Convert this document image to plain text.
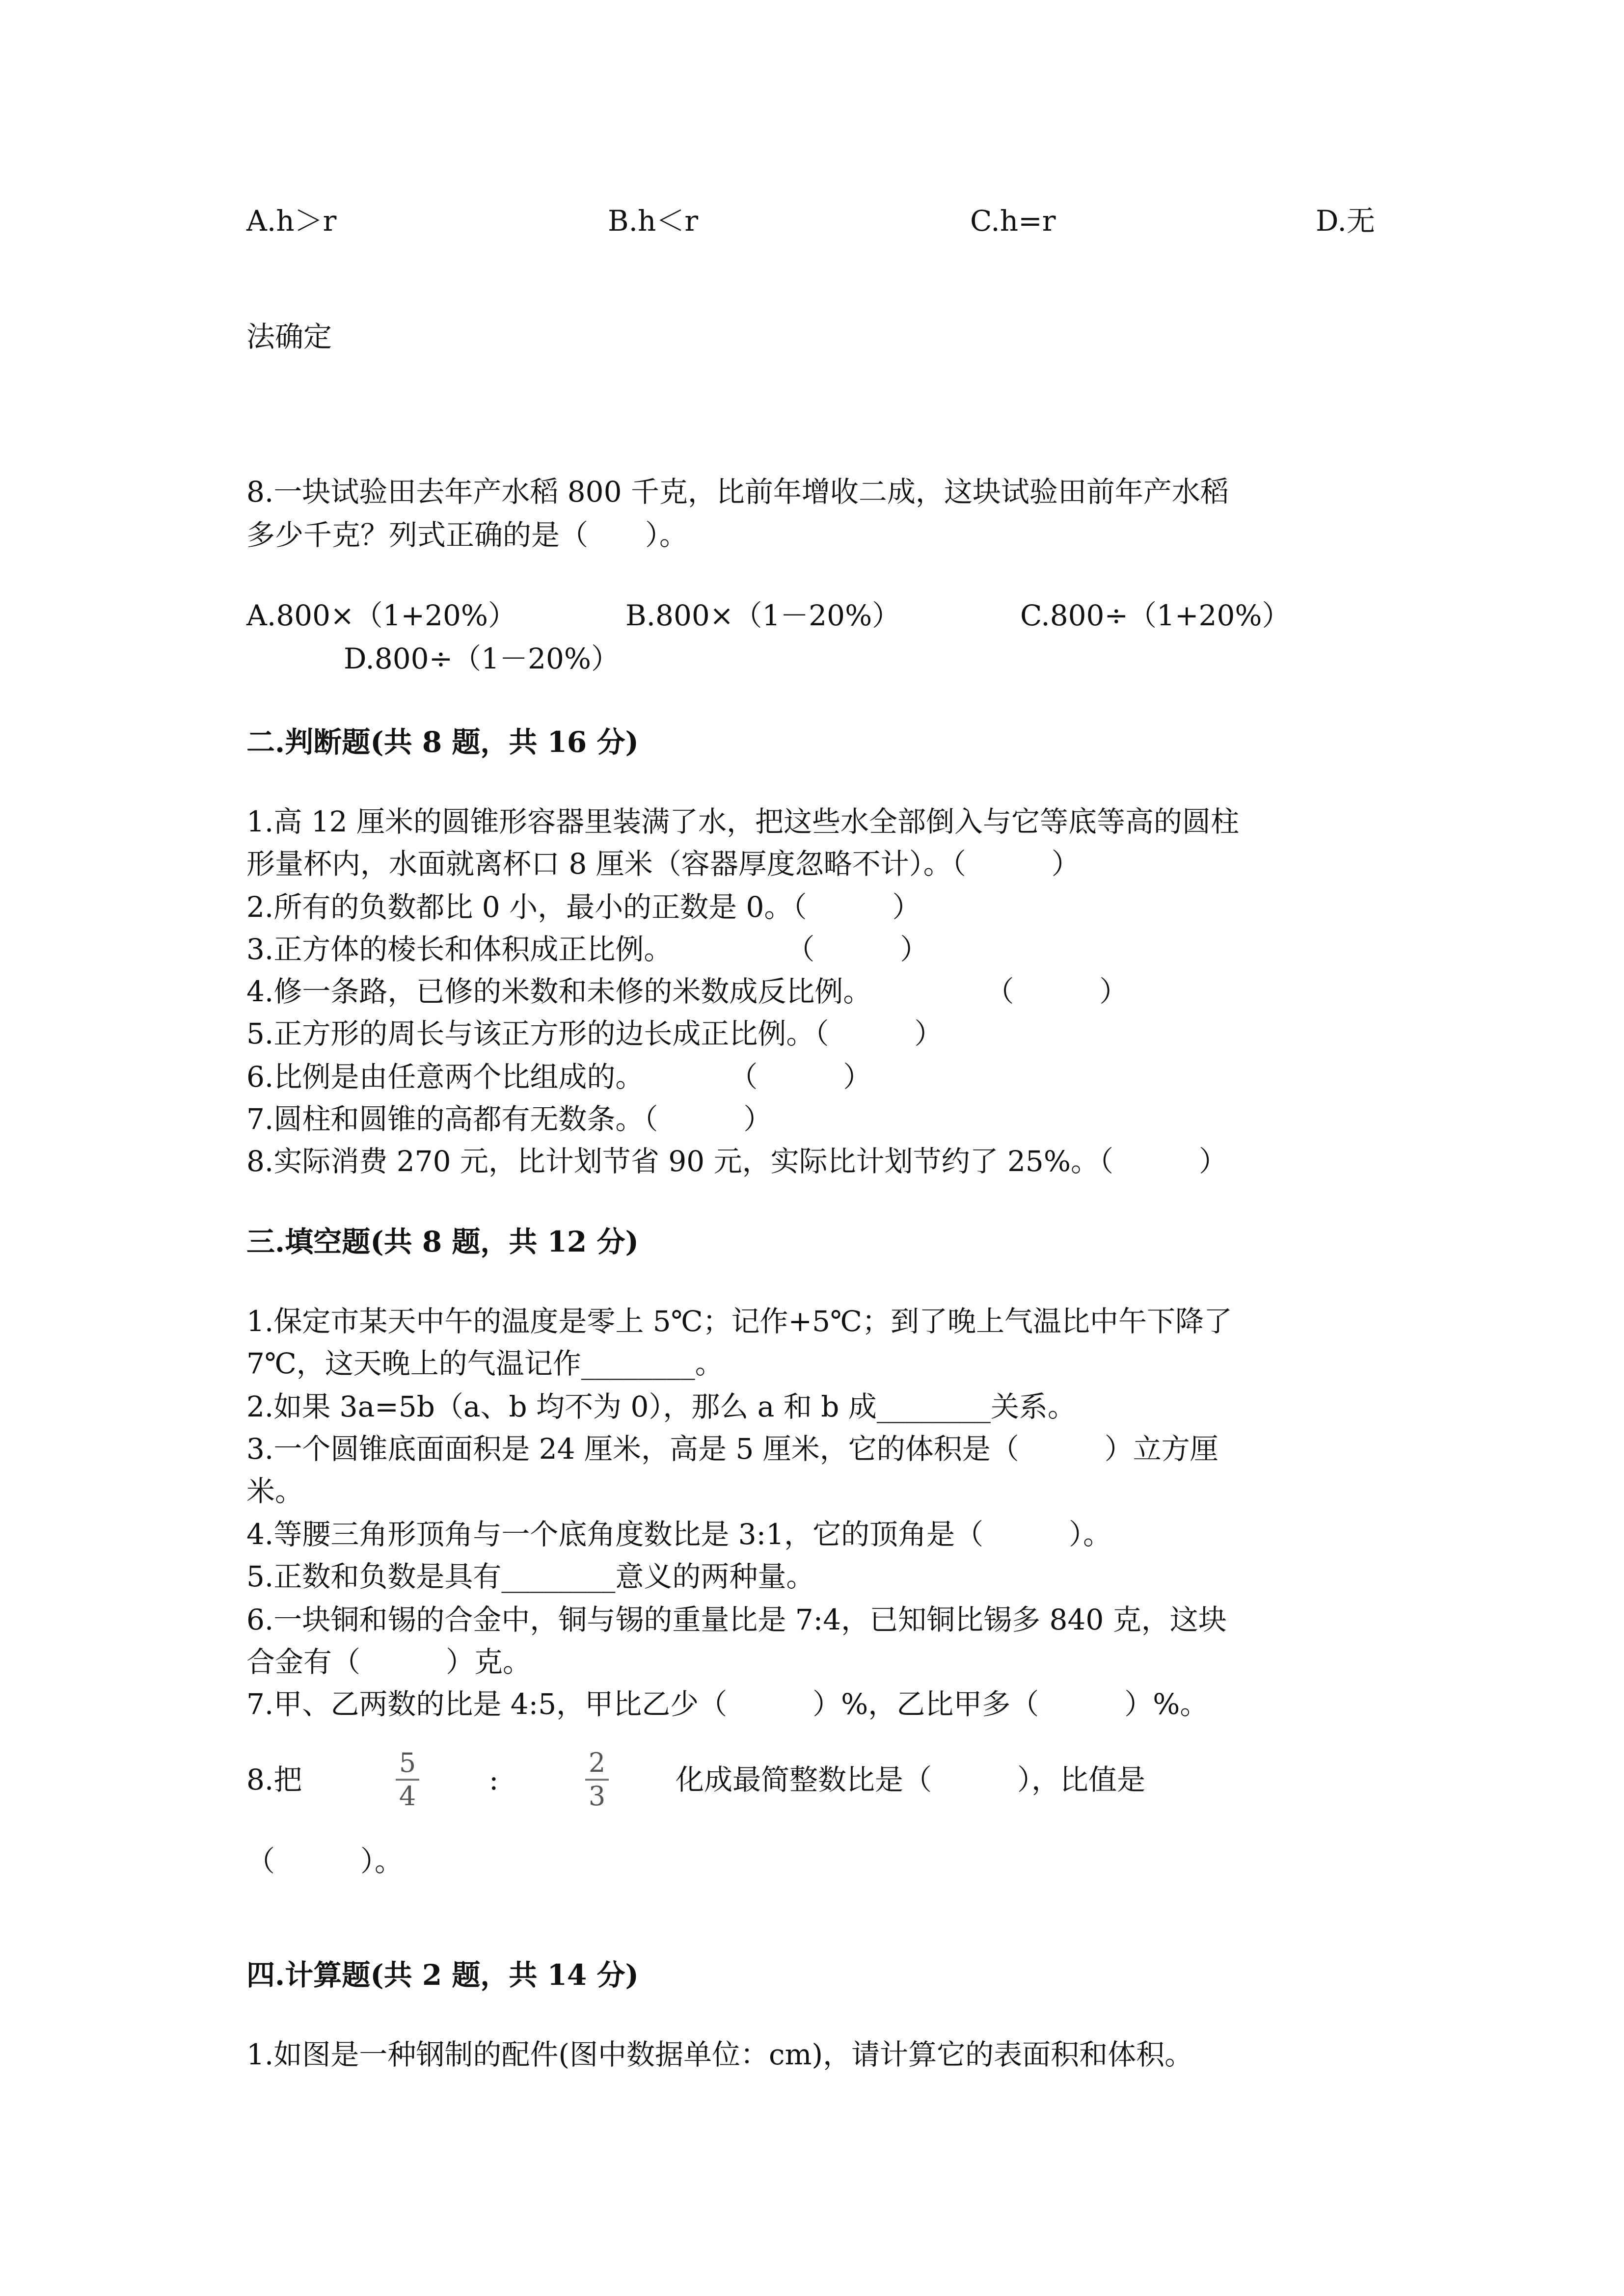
A.h＞r	B.h＜r	C.h=r	D.无
法确定
8.一块试验田去年产水稻 800 千克，比前年增收二成，这块试验田前年产水稻
多少千克？列式正确的是（　　）。
A.800×（1+20%）	B.800×（1－20%）	C.800÷（1+20%）
D.800÷（1－20%）
二.判断题(共 8 题，共 16 分)
1.高 12 厘米的圆锥形容器里装满了水，把这些水全部倒入与它等底等高的圆柱
形量杯内，水面就离杯口 8 厘米（容器厚度忽略不计）。（　　　）
2.所有的负数都比 0 小，最小的正数是 0。（　　　）
3.正方体的棱长和体积成正比例。　　　　　（　　　）
4.修一条路，已修的米数和未修的米数成反比例。　　　　　（　　　）
5.正方形的周长与该正方形的边长成正比例。（　　　）
6.比例是由任意两个比组成的。　　　　（　　　）
7.圆柱和圆锥的高都有无数条。（　　　）
8.实际消费 270 元，比计划节省 90 元，实际比计划节约了 25%。（　　　）
三.填空题(共 8 题，共 12 分)
1.保定市某天中午的温度是零上 5℃；记作+5℃；到了晚上气温比中午下降了
7℃，这天晚上的气温记作________。
2.如果 3a=5b（a、b 均不为 0），那么 a 和 b 成________关系。
3.一个圆锥底面面积是 24 厘米，高是 5 厘米，它的体积是（　　　）立方厘
米。
4.等腰三角形顶角与一个底角度数比是 3:1，它的顶角是（　　　）。
5.正数和负数是具有________意义的两种量。
6.一块铜和锡的合金中，铜与锡的重量比是 7:4，已知铜比锡多 840 克，这块
合金有（　　　）克。
7.甲、乙两数的比是 4:5，甲比乙少（　　　）%，乙比甲多（　　　）%。
8.把
5
4	:
2
3 化成最简整数比是（　　　），比值是
（　　　）。
四.计算题(共 2 题，共 14 分)
1.如图是一种钢制的配件(图中数据单位：cm)，请计算它的表面积和体积。
